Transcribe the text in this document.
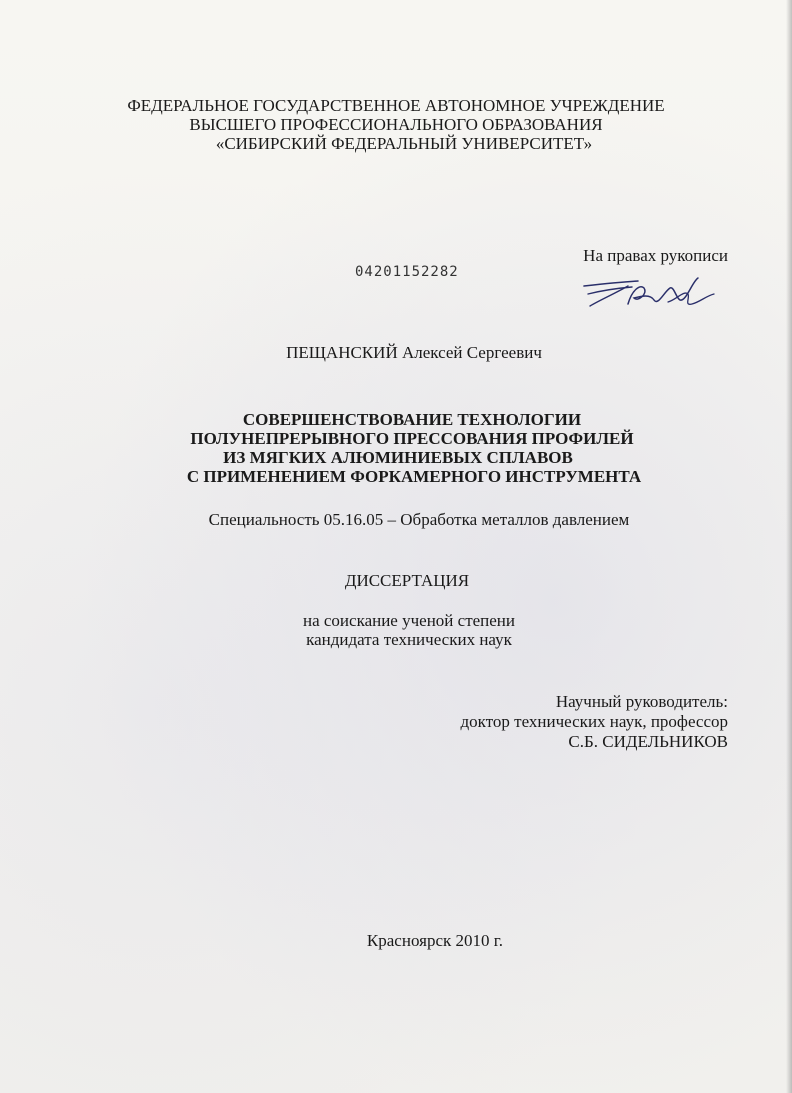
ФЕДЕРАЛЬНОЕ ГОСУДАРСТВЕННОЕ АВТОНОМНОЕ УЧРЕЖДЕНИЕ
ВЫСШЕГО ПРОФЕССИОНАЛЬНОГО ОБРАЗОВАНИЯ
«СИБИРСКИЙ ФЕДЕРАЛЬНЫЙ УНИВЕРСИТЕТ»
На правах рукописи
04201152282
ПЕЩАНСКИЙ Алексей Сергеевич
СОВЕРШЕНСТВОВАНИЕ ТЕХНОЛОГИИ
ПОЛУНЕПРЕРЫВНОГО ПРЕССОВАНИЯ ПРОФИЛЕЙ
ИЗ МЯГКИХ АЛЮМИНИЕВЫХ СПЛАВОВ
С ПРИМЕНЕНИЕМ ФОРКАМЕРНОГО ИНСТРУМЕНТА
Специальность 05.16.05 – Обработка металлов давлением
ДИССЕРТАЦИЯ
на соискание ученой степени
кандидата технических наук
Научный руководитель:
доктор технических наук, профессор
С.Б. СИДЕЛЬНИКОВ
Красноярск 2010 г.
